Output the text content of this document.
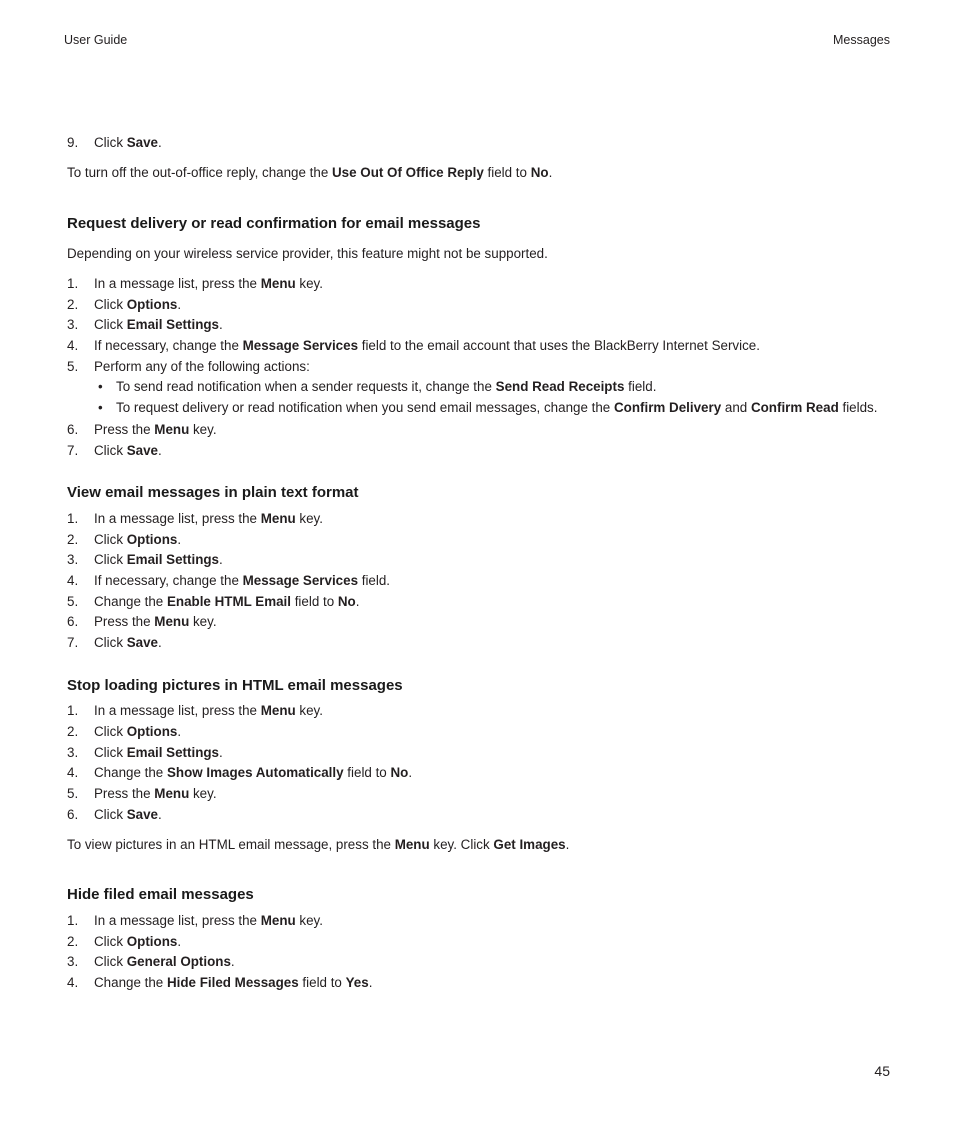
User Guide	Messages
9.	Click Save.
To turn off the out-of-office reply, change the Use Out Of Office Reply field to No.
Request delivery or read confirmation for email messages
Depending on your wireless service provider, this feature might not be supported.
1.	In a message list, press the Menu key.
2.	Click Options.
3.	Click Email Settings.
4.	If necessary, change the Message Services field to the email account that uses the BlackBerry Internet Service.
5.	Perform any of the following actions:
• To send read notification when a sender requests it, change the Send Read Receipts field.
• To request delivery or read notification when you send email messages, change the Confirm Delivery and Confirm Read fields.
6.	Press the Menu key.
7.	Click Save.
View email messages in plain text format
1.	In a message list, press the Menu key.
2.	Click Options.
3.	Click Email Settings.
4.	If necessary, change the Message Services field.
5.	Change the Enable HTML Email field to No.
6.	Press the Menu key.
7.	Click Save.
Stop loading pictures in HTML email messages
1.	In a message list, press the Menu key.
2.	Click Options.
3.	Click Email Settings.
4.	Change the Show Images Automatically field to No.
5.	Press the Menu key.
6.	Click Save.
To view pictures in an HTML email message, press the Menu key. Click Get Images.
Hide filed email messages
1.	In a message list, press the Menu key.
2.	Click Options.
3.	Click General Options.
4.	Change the Hide Filed Messages field to Yes.
45
